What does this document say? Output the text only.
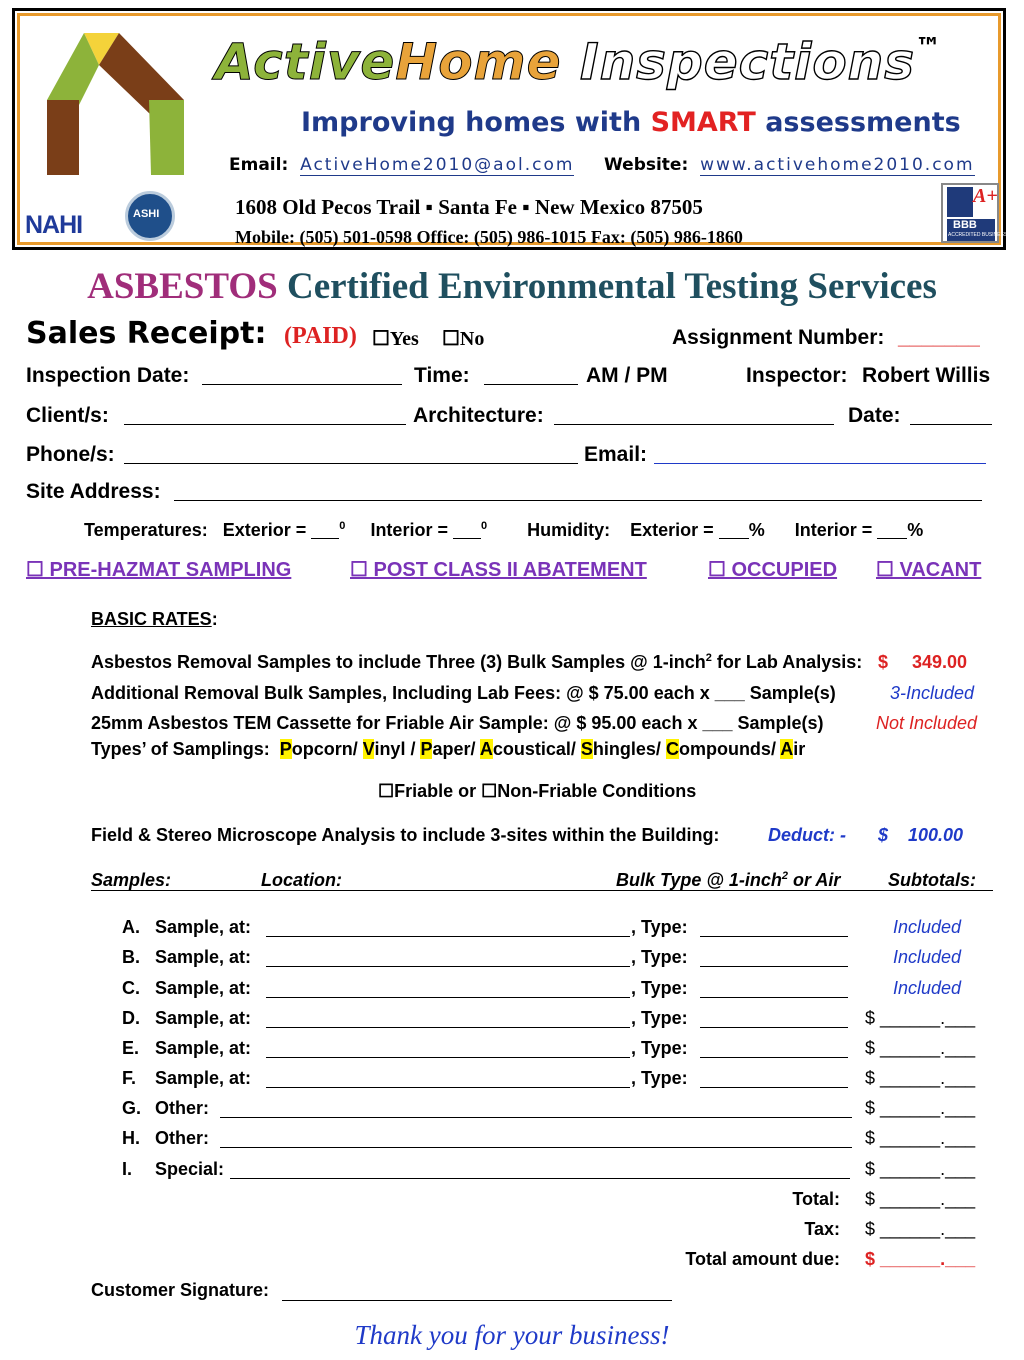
ActiveHome Inspections™
Improving homes with SMART assessments
Email: ActiveHome2010@aol.com Website: www.activehome2010.com
1608 Old Pecos Trail ▪ Santa Fe ▪ New Mexico 87505
Mobile: (505) 501-0598 Office: (505) 986-1015 Fax: (505) 986-1860
NAHI	ASHI
A+
BBB
ACCREDITED BUSINESS
ASBESTOS Certified Environmental Testing Services
Sales Receipt: (PAID) ☐Yes ☐No	Assignment Number: _______
Inspection Date:	Time:	AM / PM	Inspector: Robert Willis
Client/s:	Architecture:	Date:
Phone/s:	Email:
Site Address:
Temperatures: Exterior =	$^0$ Interior =	$^0$ Humidity: Exterior = % Interior = %
☐ PRE-HAZMAT SAMPLING	☐ POST CLASS II ABATEMENT	☐ OCCUPIED ☐ VACANT
BASIC RATES:
Asbestos Removal Samples to include Three (3) Bulk Samples @ 1-inch$^2$ for Lab Analysis: $ 349.00
Additional Removal Bulk Samples, Including Lab Fees: @ $ 75.00 each x ___ Sample(s)	3-Included
25mm Asbestos TEM Cassette for Friable Air Sample: @ $ 95.00 each x ___ Sample(s)	Not Included
Types’ of Samplings: Popcorn/ Vinyl / Paper/ Acoustical/ Shingles/ Compounds/ Air
☐Friable or ☐Non-Friable Conditions
Field & Stereo Microscope Analysis to include 3-sites within the Building:	Deduct: - $ 100.00
Samples:	Location:	Bulk Type @ 1-inch$^2$ or Air	Subtotals:
A. Sample, at:	, Type:	Included
B. Sample, at:	, Type:	Included
C. Sample, at:	, Type:	Included
D. Sample, at:	, Type:	$ ______.___
E. Sample, at:	, Type:	$ ______.___
F. Sample, at:	, Type:	$ ______.___
G. Other:	$ ______.___
H. Other:	$ ______.___
I. Special:	$ ______.___
Total: $ ______.___
Tax: $ ______.___
Total amount due: $ ______.___
Customer Signature:
Thank you for your business!
